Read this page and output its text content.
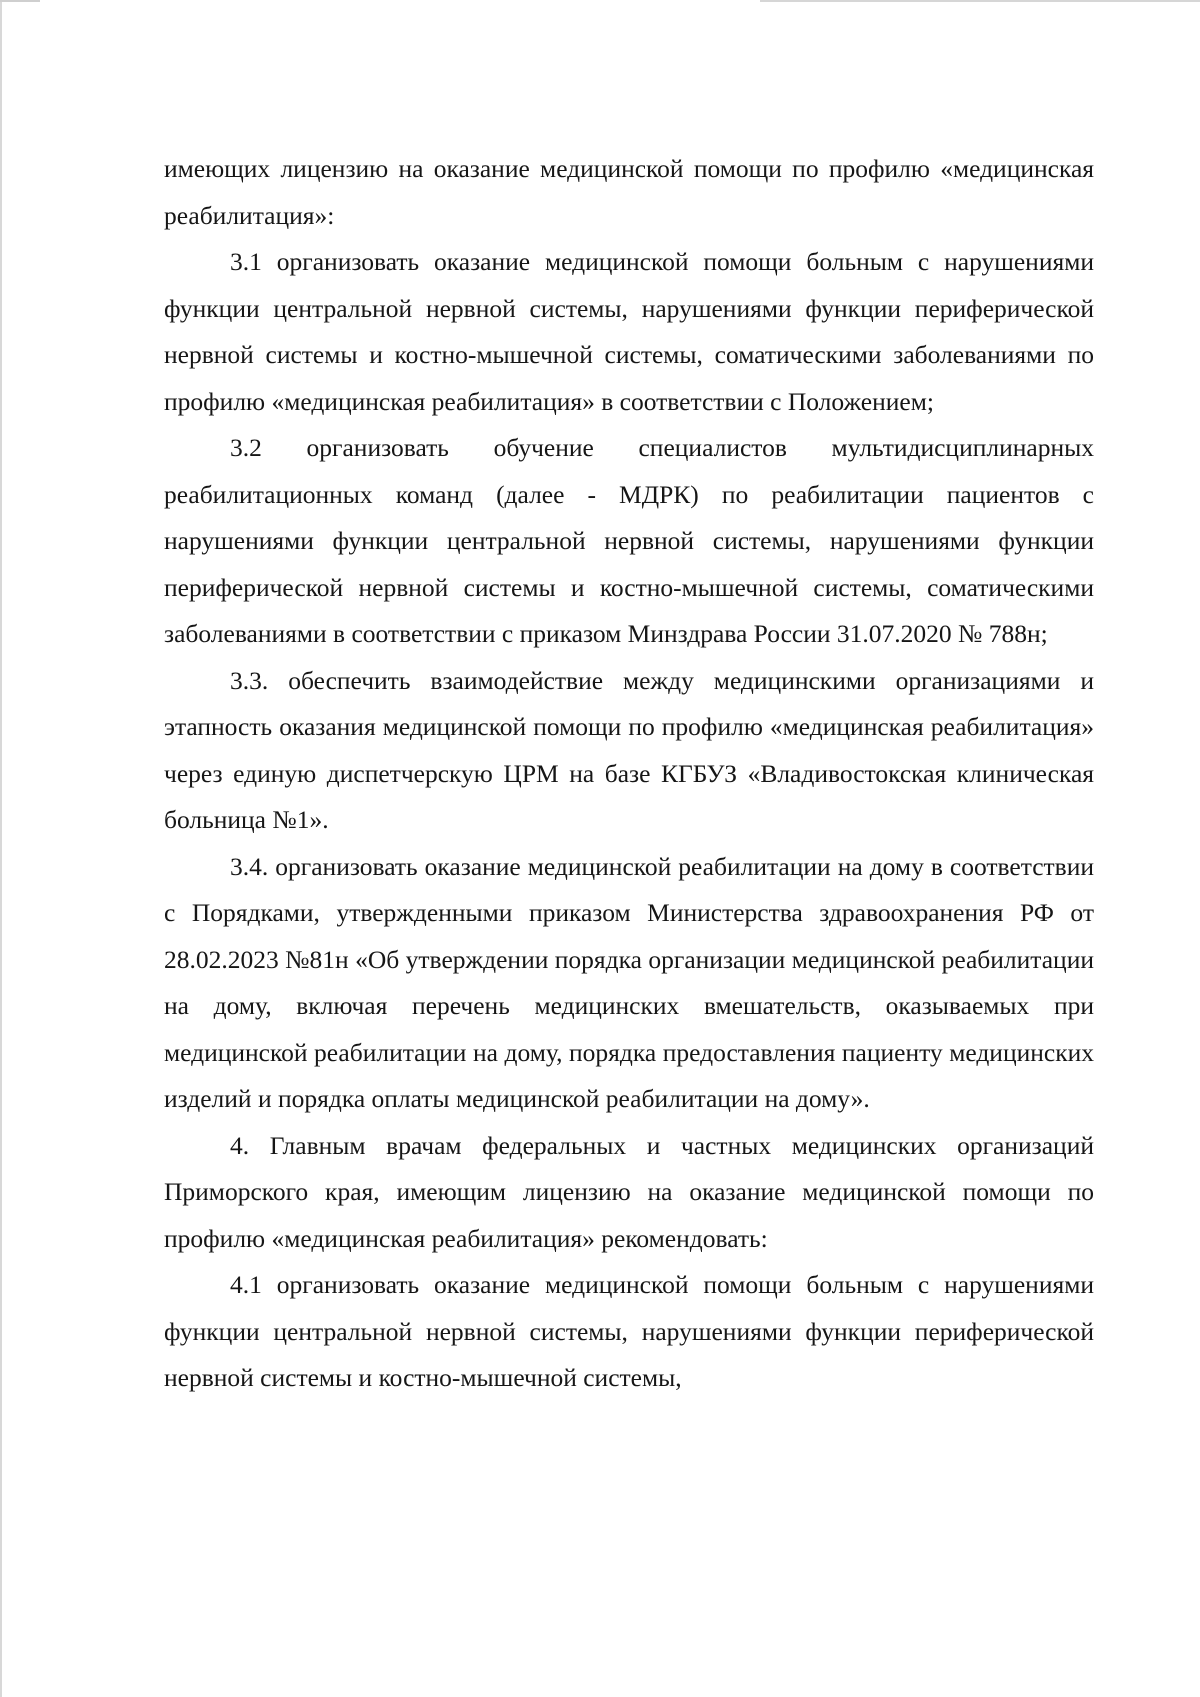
имеющих лицензию на оказание медицинской помощи по профилю «медицинская реабилитация»:

3.1 организовать оказание медицинской помощи больным с нарушениями функции центральной нервной системы, нарушениями функции периферической нервной системы и костно-мышечной системы, соматическими заболеваниями по профилю «медицинская реабилитация» в соответствии с Положением;

3.2 организовать обучение специалистов мультидисциплинарных реабилитационных команд (далее - МДРК) по реабилитации пациентов с нарушениями функции центральной нервной системы, нарушениями функции периферической нервной системы и костно-мышечной системы, соматическими заболеваниями в соответствии с приказом Минздрава России 31.07.2020 № 788н;

3.3. обеспечить взаимодействие между медицинскими организациями и этапность оказания медицинской помощи по профилю «медицинская реабилитация» через единую диспетчерскую ЦРМ на базе КГБУЗ «Владивостокская клиническая больница №1».

3.4. организовать оказание медицинской реабилитации на дому в соответствии с Порядками, утвержденными приказом Министерства здравоохранения РФ от 28.02.2023 №81н «Об утверждении порядка организации медицинской реабилитации на дому, включая перечень медицинских вмешательств, оказываемых при медицинской реабилитации на дому, порядка предоставления пациенту медицинских изделий и порядка оплаты медицинской реабилитации на дому».

4. Главным врачам федеральных и частных медицинских организаций Приморского края, имеющим лицензию на оказание медицинской помощи по профилю «медицинская реабилитация» рекомендовать:

4.1 организовать оказание медицинской помощи больным с нарушениями функции центральной нервной системы, нарушениями функции периферической нервной системы и костно-мышечной системы,
